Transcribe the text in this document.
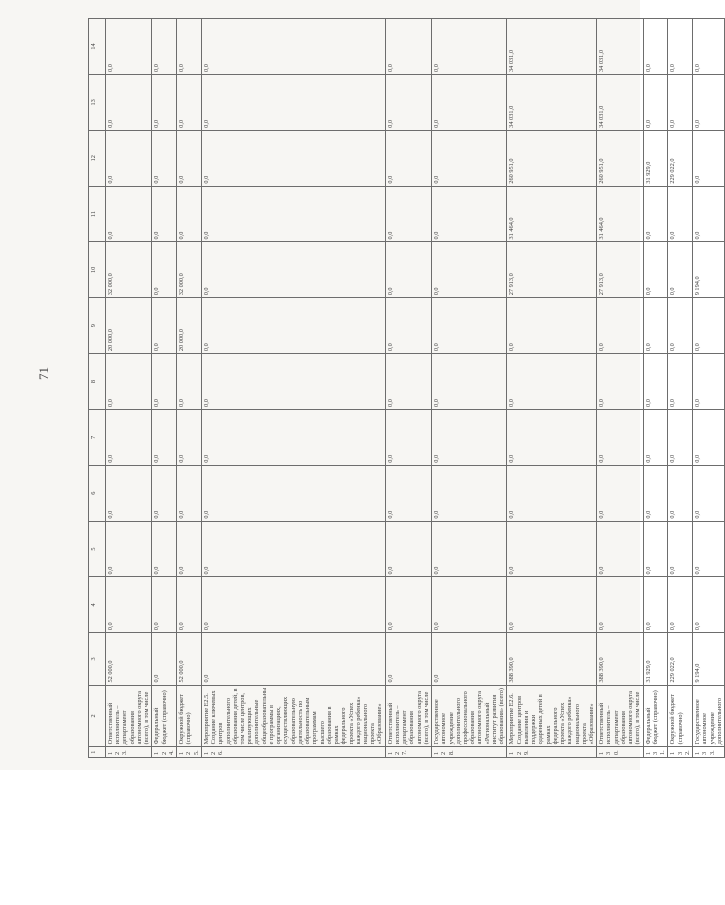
71
1	2	3	4	5	6	7	8	9	10	11	12	13	14
123.	Ответственный исполнитель – департамент образования автономного округа (всего), в том числе	52 000,0	0,0	0,0	0,0	0,0	0,0	20 000,0	32 000,0	0,0	0,0	0,0	0,0
124.	Федеральный бюджет (справочно)	0,0	0,0	0,0	0,0	0,0	0,0	0,0	0,0	0,0	0,0	0,0	0,0
125.	Окружной бюджет (справочно)	52 000,0	0,0	0,0	0,0	0,0	0,0	20 000,0	32 000,0	0,0	0,0	0,0	0,0
126.	Мероприятие Е2.5. Создание ключевых центров дополнительного образования детей, в том числе центров, реализующих дополнительные общеобразовательные программы в организациях, осуществляющих образовательную деятельность по образовательным программам высшего образования в рамках федерального проекта «Успех каждого ребенка» национального проекта «Образование»	0,0	0,0	0,0	0,0	0,0	0,0	0,0	0,0	0,0	0,0	0,0	0,0
127.	Ответственный исполнитель – департамент образования автономного округа (всего), в том числе	0,0	0,0	0,0	0,0	0,0	0,0	0,0	0,0	0,0	0,0	0,0	0,0
128.	Государственное автономное учреждение дополнительного профессионального образования автономного округа «Региональный институт развития образования» (всего)	0,0	0,0	0,0	0,0	0,0	0,0	0,0	0,0	0,0	0,0	0,0	0,0
129.	Мероприятие Е2.6. Создание центров выявления и поддержки одаренных детей в рамках федерального проекта «Успех каждого ребенка» национального проекта «Образование»	388 390,0	0,0	0,0	0,0	0,0	0,0	0,0	27 913,0	31 464,0	260 951,0	34 031,0	34 031,0
130.	Ответственный исполнитель – департамент образования автономного округа (всего), в том числе	388 390,0	0,0	0,0	0,0	0,0	0,0	0,0	27 913,0	31 464,0	260 951,0	34 031,0	34 031,0
131.	Федеральный бюджет (справочно)	31 929,0	0,0	0,0	0,0	0,0	0,0	0,0	0,0	0,0	31 929,0	0,0	0,0
132.	Окружной бюджет (справочно)	229 022,0	0,0	0,0	0,0	0,0	0,0	0,0	0,0	0,0	229 022,0	0,0	0,0
133.	Государственное автономное учреждение дополнительного	9 194,0	0,0	0,0	0,0	0,0	0,0	0,0	9 194,0	0,0	0,0	0,0	0,0
